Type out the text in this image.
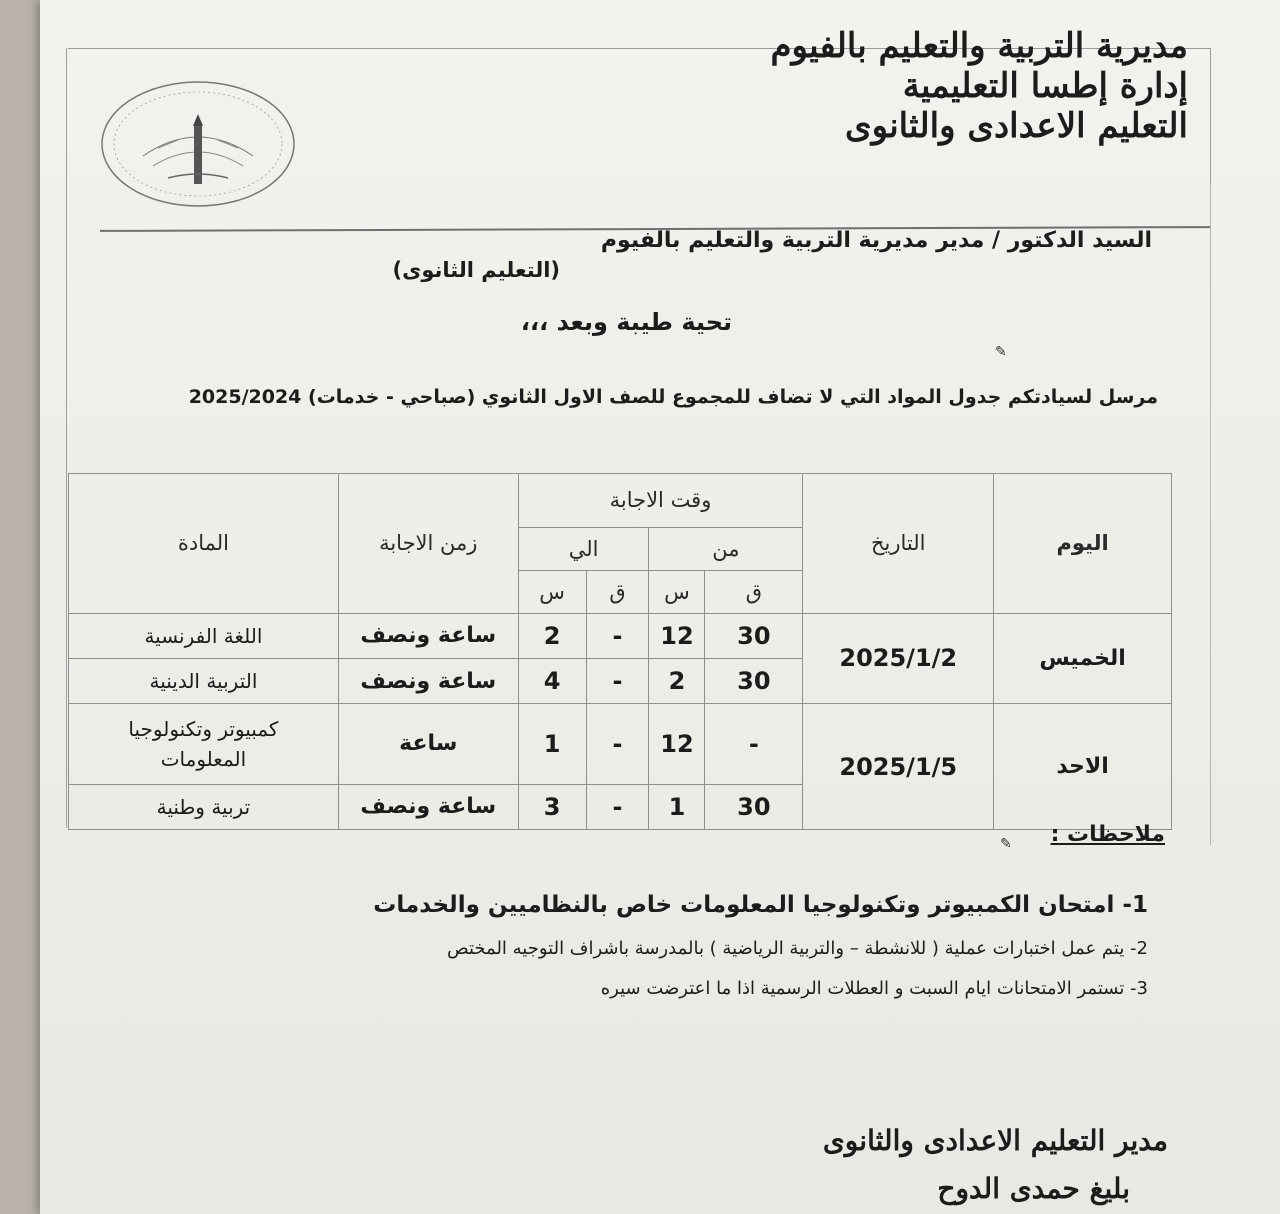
مديرية التربية والتعليم بالفيوم
إدارة إطسا التعليمية
التعليم الاعدادى والثانوى
السيد الدكتور / مدير مديرية التربية والتعليم بالفيوم
(التعليم الثانوى)
تحية طيبة وبعد ،،،
مرسل لسيادتكم جدول المواد التي لا تضاف للمجموع للصف الاول الثانوي (صباحي - خدمات) 2025/2024
✎
اليوم	التاريخ	وقت الاجابة				زمن الاجابة	المادة
		من		الي			
		ق	س	ق	س		
الخميس	2025/1/2	30	12	-	2	ساعة ونصف	اللغة الفرنسية
		30	2	-	4	ساعة ونصف	التربية الدينية
الاحد	2025/1/5	-	12	-	1	ساعة	كمبيوتر وتكنولوجيا المعلومات
		30	1	-	3	ساعة ونصف	تربية وطنية
ملاحظات :
✎
1- امتحان الكمبيوتر وتكنولوجيا المعلومات خاص بالنظاميين والخدمات
2- يتم عمل اختبارات عملية ( للانشطة – والتربية الرياضية ) بالمدرسة باشراف التوجيه المختص
3- تستمر الامتحانات ايام السبت و العطلات الرسمية اذا ما اعترضت سيره
مدير التعليم الاعدادى والثانوى
بليغ حمدى الدوح
